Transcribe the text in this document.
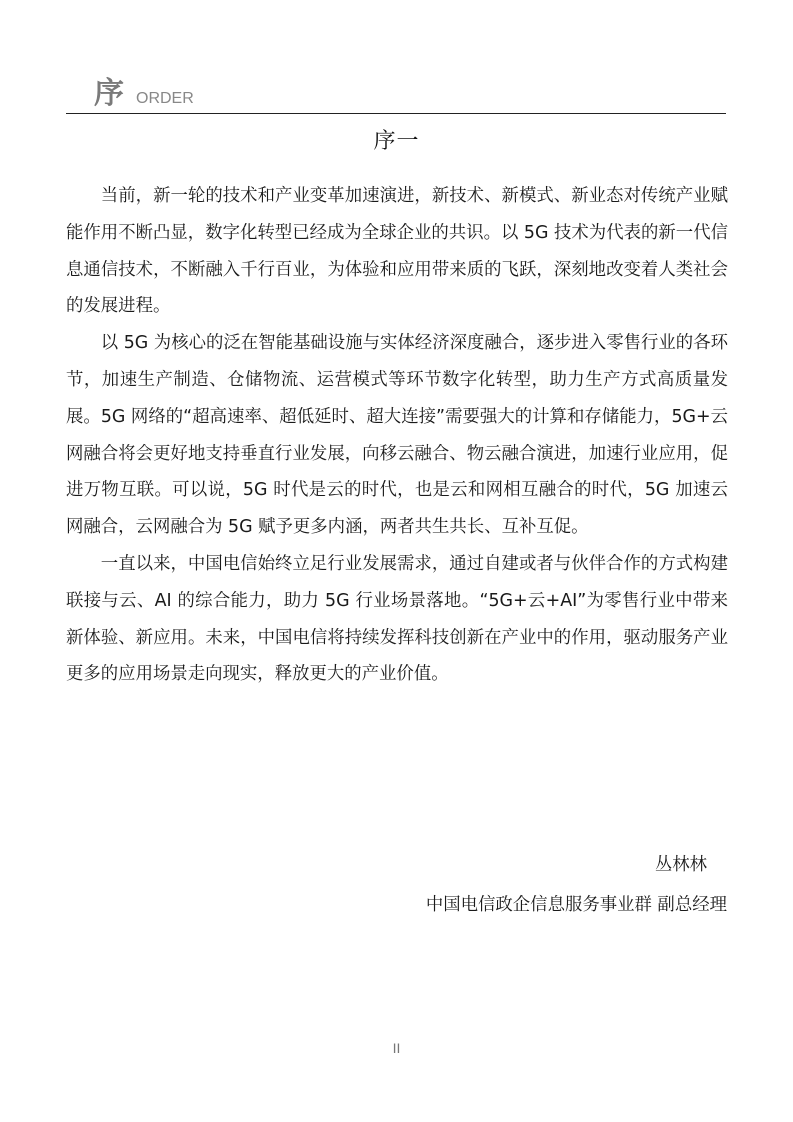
序 ORDER
序一

当前，新一轮的技术和产业变革加速演进，新技术、新模式、新业态对传统产业赋能作用不断凸显，数字化转型已经成为全球企业的共识。以 5G 技术为代表的新一代信息通信技术，不断融入千行百业，为体验和应用带来质的飞跃，深刻地改变着人类社会的发展进程。

以 5G 为核心的泛在智能基础设施与实体经济深度融合，逐步进入零售行业的各环节，加速生产制造、仓储物流、运营模式等环节数字化转型，助力生产方式高质量发展。5G 网络的“超高速率、超低延时、超大连接”需要强大的计算和存储能力，5G+云网融合将会更好地支持垂直行业发展，向移云融合、物云融合演进，加速行业应用，促进万物互联。可以说，5G 时代是云的时代，也是云和网相互融合的时代，5G 加速云网融合，云网融合为 5G 赋予更多内涵，两者共生共长、互补互促。

一直以来，中国电信始终立足行业发展需求，通过自建或者与伙伴合作的方式构建联接与云、AI 的综合能力，助力 5G 行业场景落地。“5G+云+AI”为零售行业中带来新体验、新应用。未来，中国电信将持续发挥科技创新在产业中的作用，驱动服务产业更多的应用场景走向现实，释放更大的产业价值。

丛林林
中国电信政企信息服务事业群 副总经理
II
